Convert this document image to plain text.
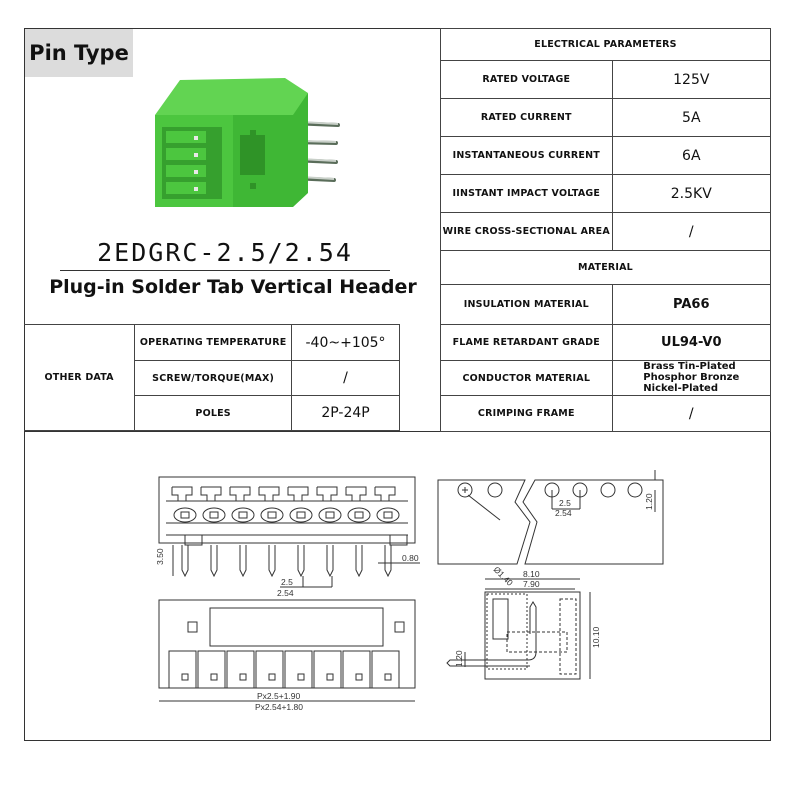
Pin Type
2EDGRC-2.5/2.54
Plug-in Solder Tab Vertical Header
ELECTRICAL PARAMETERS	
RATED VOLTAGE	125V
RATED CURRENT	5A
INSTANTANEOUS CURRENT	6A
IINSTANT IMPACT VOLTAGE	2.5KV
WIRE CROSS-SECTIONAL AREA	/
MATERIAL	
INSULATION MATERIAL	PA66
FLAME RETARDANT GRADE	UL94-V0
CONDUCTOR MATERIAL	Brass Tin-Plated
Phosphor Bronze
Nickel-Plated
CRIMPING FRAME	/
OTHER DATA	OPERATING TEMPERATURE	-40~+105°
	SCREW/TORQUE(MAX)	/
	POLES	2P-24P
3.50	0.80
2.5
2.54
Px2.5+1.90
Px2.54+1.80
Ø1.40
2.5
2.54
1.20
8.10
7.90
10.10
1.20
